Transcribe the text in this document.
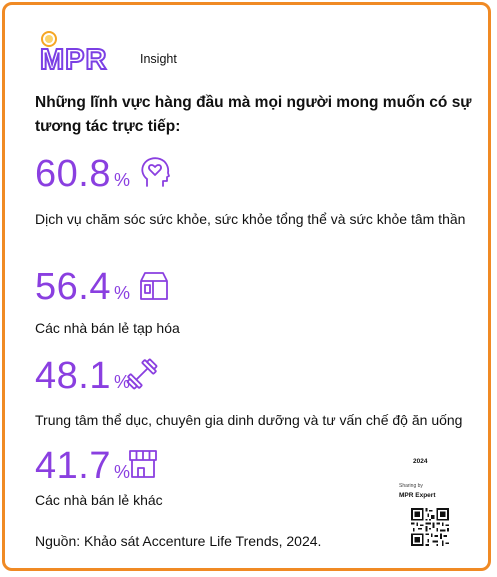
MPR	Insight
Những lĩnh vực hàng đầu mà mọi người mong muốn có sự tương tác trực tiếp:
60.8 %
Dịch vụ chăm sóc sức khỏe, sức khỏe tổng thể và sức khỏe tâm thần
56.4 %
Các nhà bán lẻ tạp hóa
48.1 %
Trung tâm thể dục, chuyên gia dinh dưỡng và tư vấn chế độ ăn uống
41.7 %
Các nhà bán lẻ khác
Nguồn: Khảo sát Accenture Life Trends, 2024.
2024
Sharing by
MPR Expert
